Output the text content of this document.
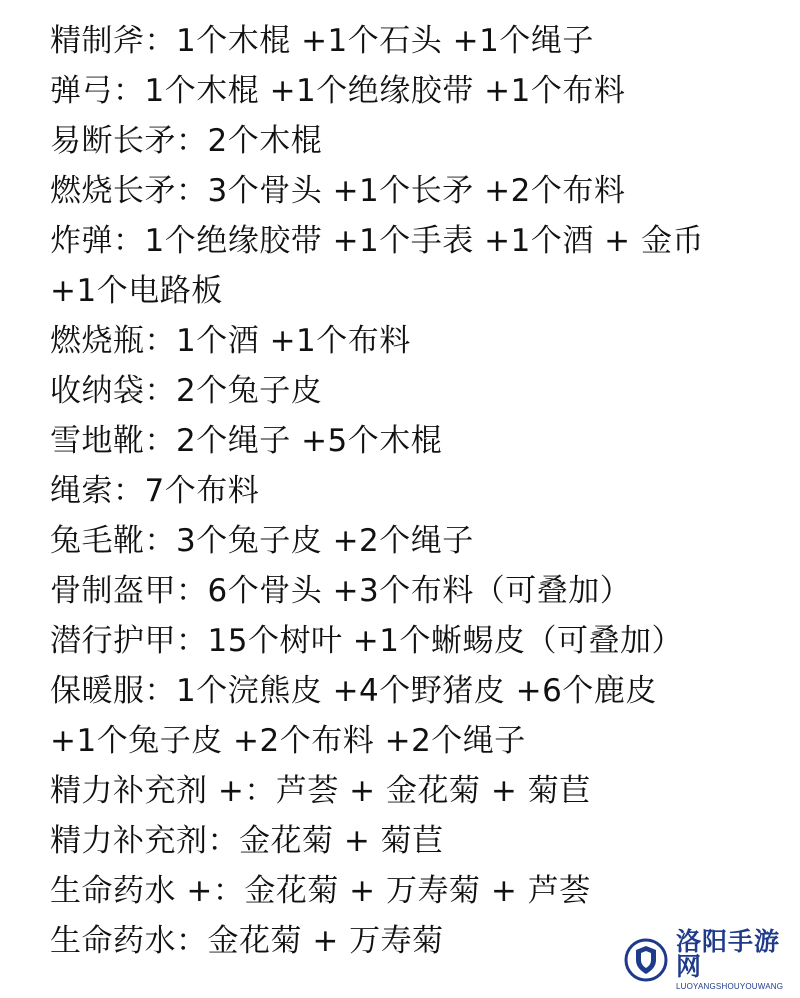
精制斧：1个木棍 +1个石头 +1个绳子
弹弓：1个木棍 +1个绝缘胶带 +1个布料
易断长矛：2个木棍
燃烧长矛：3个骨头 +1个长矛 +2个布料
炸弹：1个绝缘胶带 +1个手表 +1个酒 + 金币
+1个电路板
燃烧瓶：1个酒 +1个布料
收纳袋：2个兔子皮
雪地靴：2个绳子 +5个木棍
绳索：7个布料
兔毛靴：3个兔子皮 +2个绳子
骨制盔甲：6个骨头 +3个布料（可叠加）
潜行护甲：15个树叶 +1个蜥蜴皮（可叠加）
保暖服：1个浣熊皮 +4个野猪皮 +6个鹿皮
+1个兔子皮 +2个布料 +2个绳子
精力补充剂 +：芦荟 + 金花菊 + 菊苣
精力补充剂：金花菊 + 菊苣
生命药水 +：金花菊 + 万寿菊 + 芦荟
生命药水：金花菊 + 万寿菊	洛阳手游网
LUOYANGSHOUYOUWANG
